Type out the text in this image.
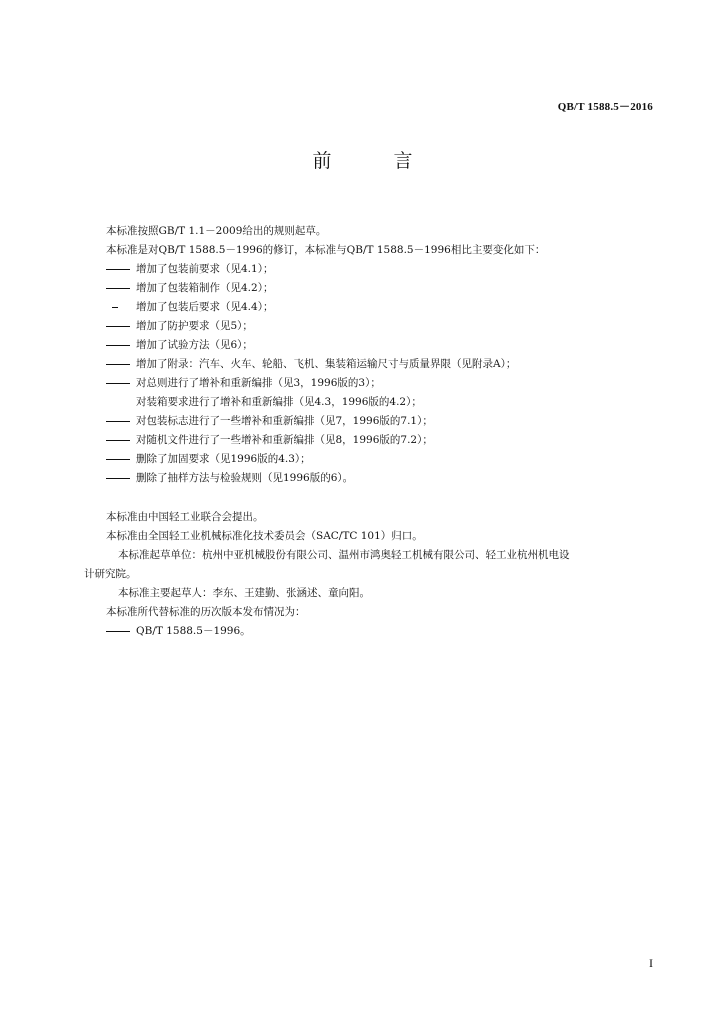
QB/T 1588.5－2016
前 言
本标准按照GB/T 1.1－2009给出的规则起草。
本标准是对QB/T 1588.5－1996的修订，本标准与QB/T 1588.5－1996相比主要变化如下：
增加了包装前要求（见4.1）；
增加了包装箱制作（见4.2）；
增加了包装后要求（见4.4）；
增加了防护要求（见5）；
增加了试验方法（见6）；
增加了附录：汽车、火车、轮船、飞机、集装箱运输尺寸与质量界限（见附录A）；
对总则进行了增补和重新编排（见3，1996版的3）；
对装箱要求进行了增补和重新编排（见4.3，1996版的4.2）；
对包装标志进行了一些增补和重新编排（见7，1996版的7.1）；
对随机文件进行了一些增补和重新编排（见8，1996版的7.2）；
删除了加固要求（见1996版的4.3）；
删除了抽样方法与检验规则（见1996版的6）。
本标准由中国轻工业联合会提出。
本标准由全国轻工业机械标准化技术委员会（SAC/TC 101）归口。
本标准起草单位：杭州中亚机械股份有限公司、温州市鸿奥轻工机械有限公司、轻工业杭州机电设
计研究院。
本标准主要起草人：李东、王建勤、张涵述、童向阳。
本标准所代替标准的历次版本发布情况为：
QB/T 1588.5－1996。
I
